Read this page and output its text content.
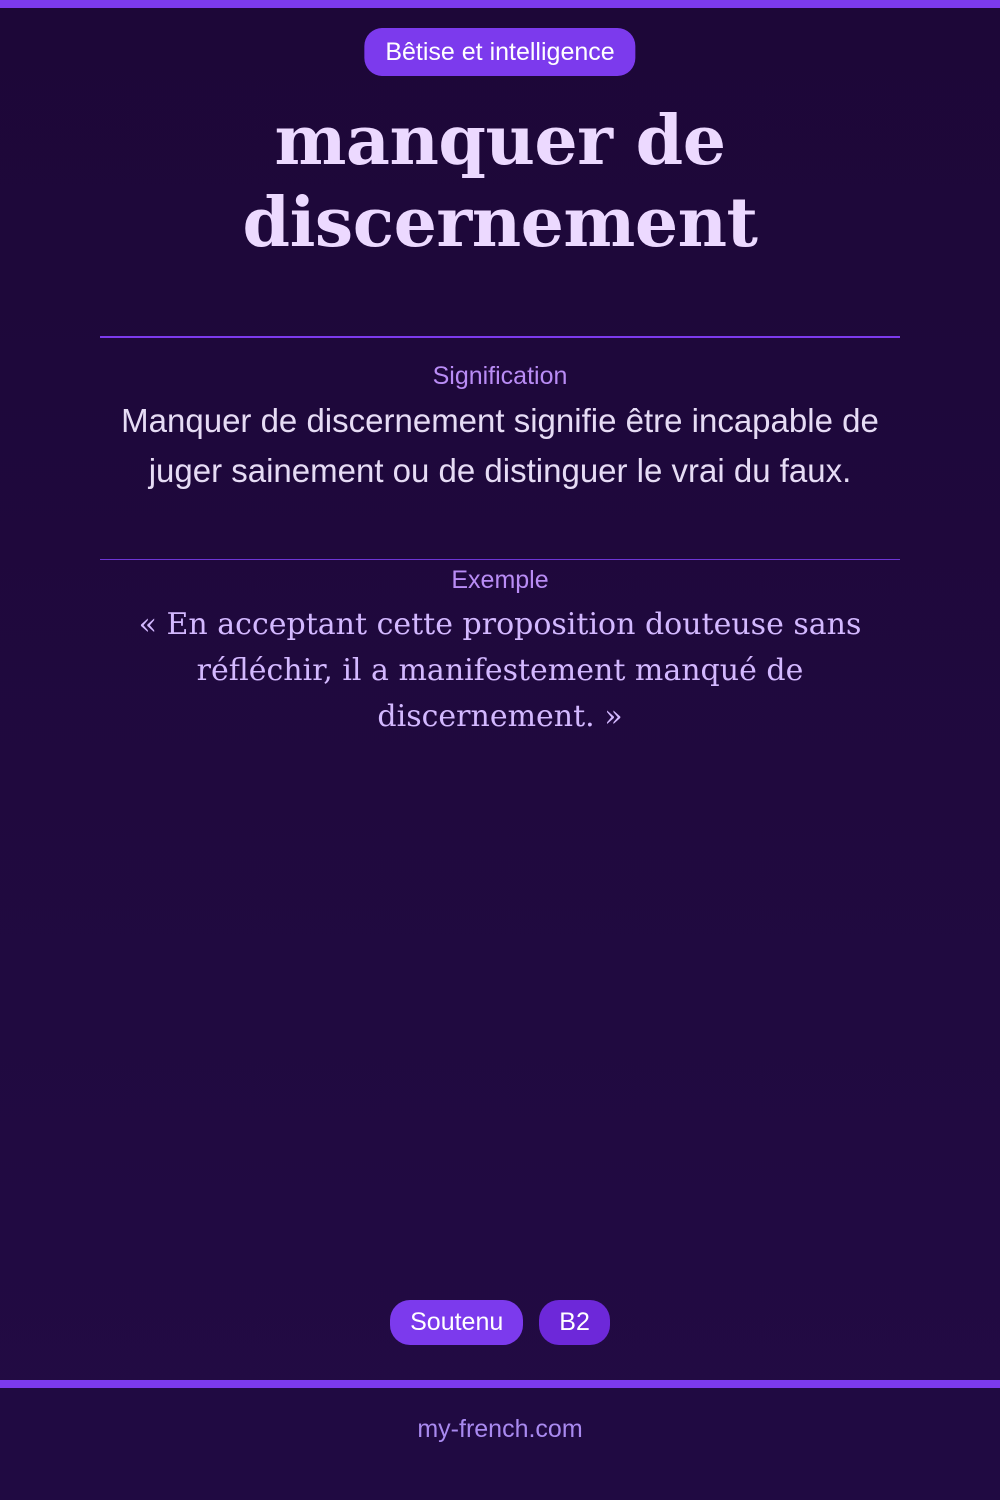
Bêtise et intelligence
manquer de discernement
Signification

Manquer de discernement signifie être incapable de juger sainement ou de distinguer le vrai du faux.

Exemple

« En acceptant cette proposition douteuse sans réfléchir, il a manifestement manqué de discernement. »

Soutenu	B2
my-french.com
